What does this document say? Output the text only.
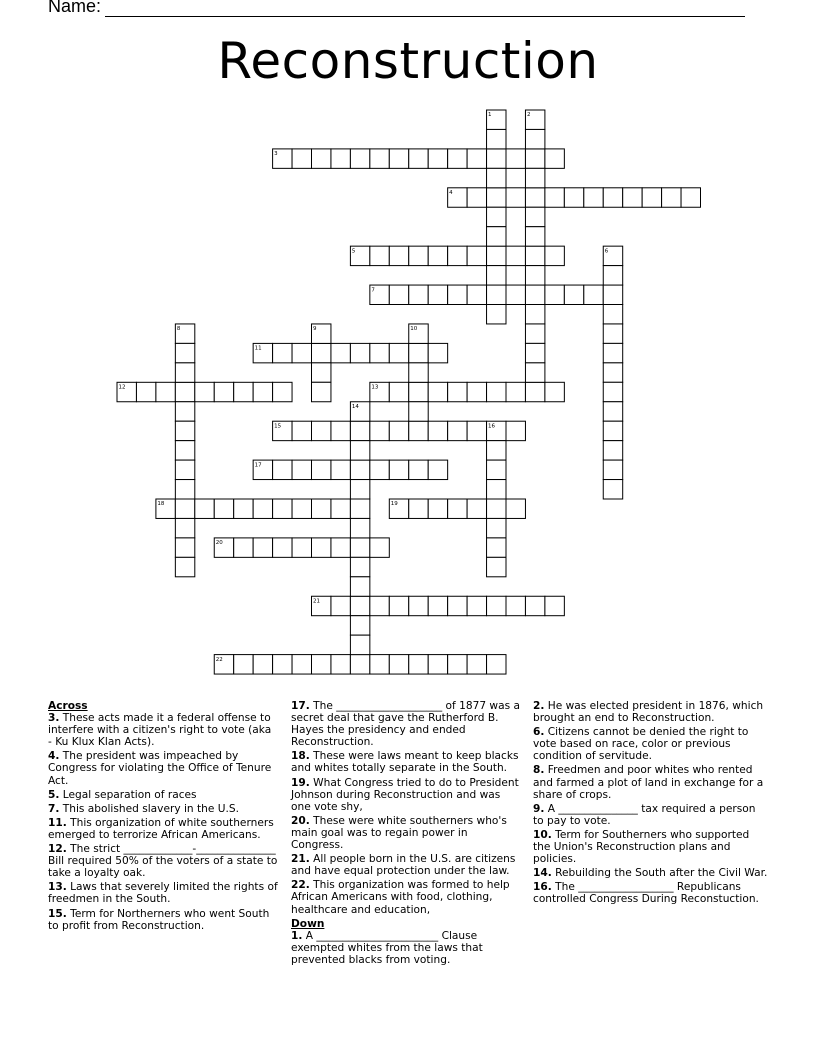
Name:
Reconstruction
3
4
5
7
11
12	13
15
17
18	19
20
21
22
1	2
6
8	9	10
14
16
Across
3. These acts made it a federal offense to interfere with a citizen's right to vote (aka - Ku Klux Klan Acts).
4. The president was impeached by Congress for violating the Office of Tenure Act.
5. Legal separation of races
7. This abolished slavery in the U.S.
11. This organization of white southerners emerged to terrorize African Americans.
12. The strict _____________-_______________ Bill required 50% of the voters of a state to take a loyalty oak.
13. Laws that severely limited the rights of freedmen in the South.
15. Term for Northerners who went South to profit from Reconstruction.
17. The ____________________ of 1877 was a secret deal that gave the Rutherford B. Hayes the presidency and ended Reconstruction.
18. These were laws meant to keep blacks and whites totally separate in the South.
19. What Congress tried to do to President Johnson during Reconstruction and was one vote shy,
20. These were white southerners who's main goal was to regain power in Congress.
21. All people born in the U.S. are citizens and have equal protection under the law.
22. This organization was formed to help African Americans with food, clothing, healthcare and education,
Down
1. A _______________________ Clause exempted whites from the laws that prevented blacks from voting.
2. He was elected president in 1876, which brought an end to Reconstruction.
6. Citizens cannot be denied the right to vote based on race, color or previous condition of servitude.
8. Freedmen and poor whites who rented and farmed a plot of land in exchange for a share of crops.
9. A _______________ tax required a person to pay to vote.
10. Term for Southerners who supported the Union's Reconstruction plans and policies.
14. Rebuilding the South after the Civil War.
16. The __________________ Republicans controlled Congress During Reconstuction.
